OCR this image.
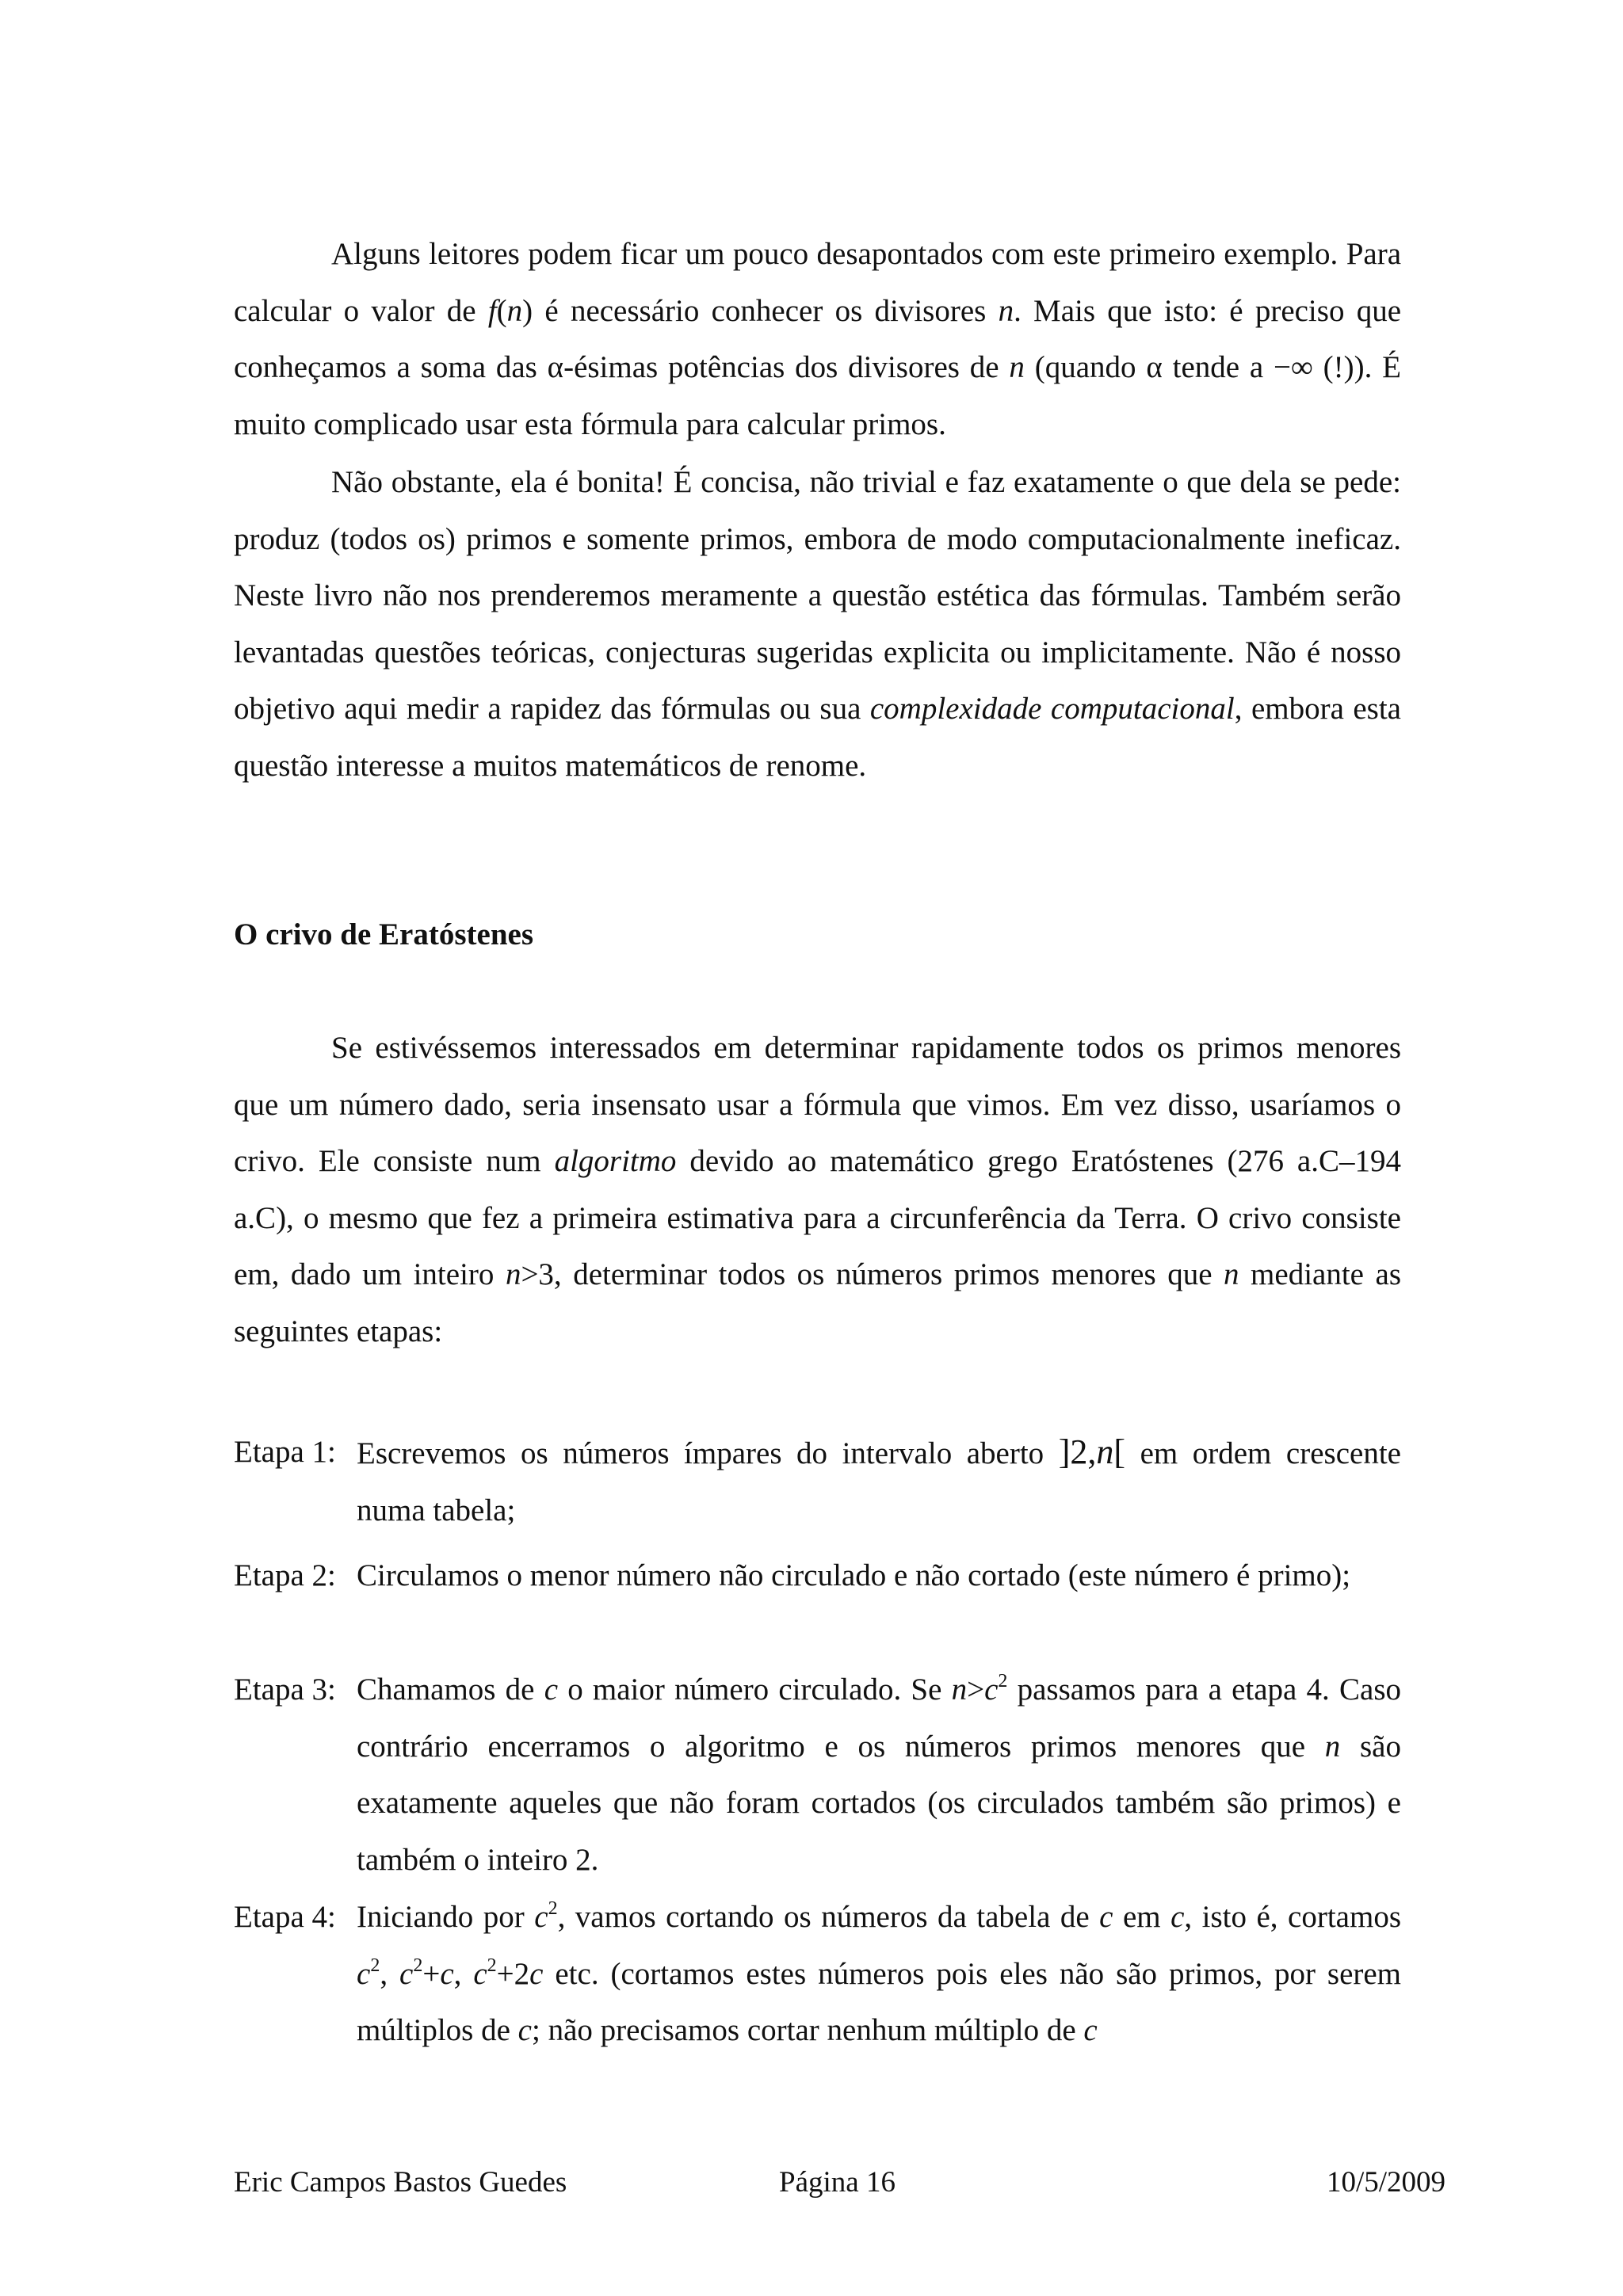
Alguns leitores podem ficar um pouco desapontados com este primeiro exemplo. Para calcular o valor de f(n) é necessário conhecer os divisores n. Mais que isto: é preciso que conheçamos a soma das α-ésimas potências dos divisores de n (quando α tende a −∞ (!)). É muito complicado usar esta fórmula para calcular primos.

Não obstante, ela é bonita! É concisa, não trivial e faz exatamente o que dela se pede: produz (todos os) primos e somente primos, embora de modo computacionalmente ineficaz. Neste livro não nos prenderemos meramente a questão estética das fórmulas. Também serão levantadas questões teóricas, conjecturas sugeridas explicita ou implicitamente. Não é nosso objetivo aqui medir a rapidez das fórmulas ou sua complexidade computacional, embora esta questão interesse a muitos matemáticos de renome.

O crivo de Eratóstenes

Se estivéssemos interessados em determinar rapidamente todos os primos menores que um número dado, seria insensato usar a fórmula que vimos. Em vez disso, usaríamos o crivo. Ele consiste num algoritmo devido ao matemático grego Eratóstenes (276 a.C–194 a.C), o mesmo que fez a primeira estimativa para a circunferência da Terra. O crivo consiste em, dado um inteiro n>3, determinar todos os números primos menores que n mediante as seguintes etapas:

Etapa 1: Escrevemos os números ímpares do intervalo aberto ]2,n[ em ordem crescente numa tabela;
Etapa 2: Circulamos o menor número não circulado e não cortado (este número é primo);
Etapa 3: Chamamos de c o maior número circulado. Se $n>c^2$ passamos para a etapa 4. Caso contrário encerramos o algoritmo e os números primos menores que n são exatamente aqueles que não foram cortados (os circulados também são primos) e também o inteiro 2.
Etapa 4: Iniciando por $c^2$, vamos cortando os números da tabela de c em c, isto é, cortamos $c^2$, $c^2+c$, $c^2+2c$ etc. (cortamos estes números pois eles não são primos, por serem múltiplos de c; não precisamos cortar nenhum múltiplo de c
Eric Campos Bastos Guedes	Página 16	10/5/2009
